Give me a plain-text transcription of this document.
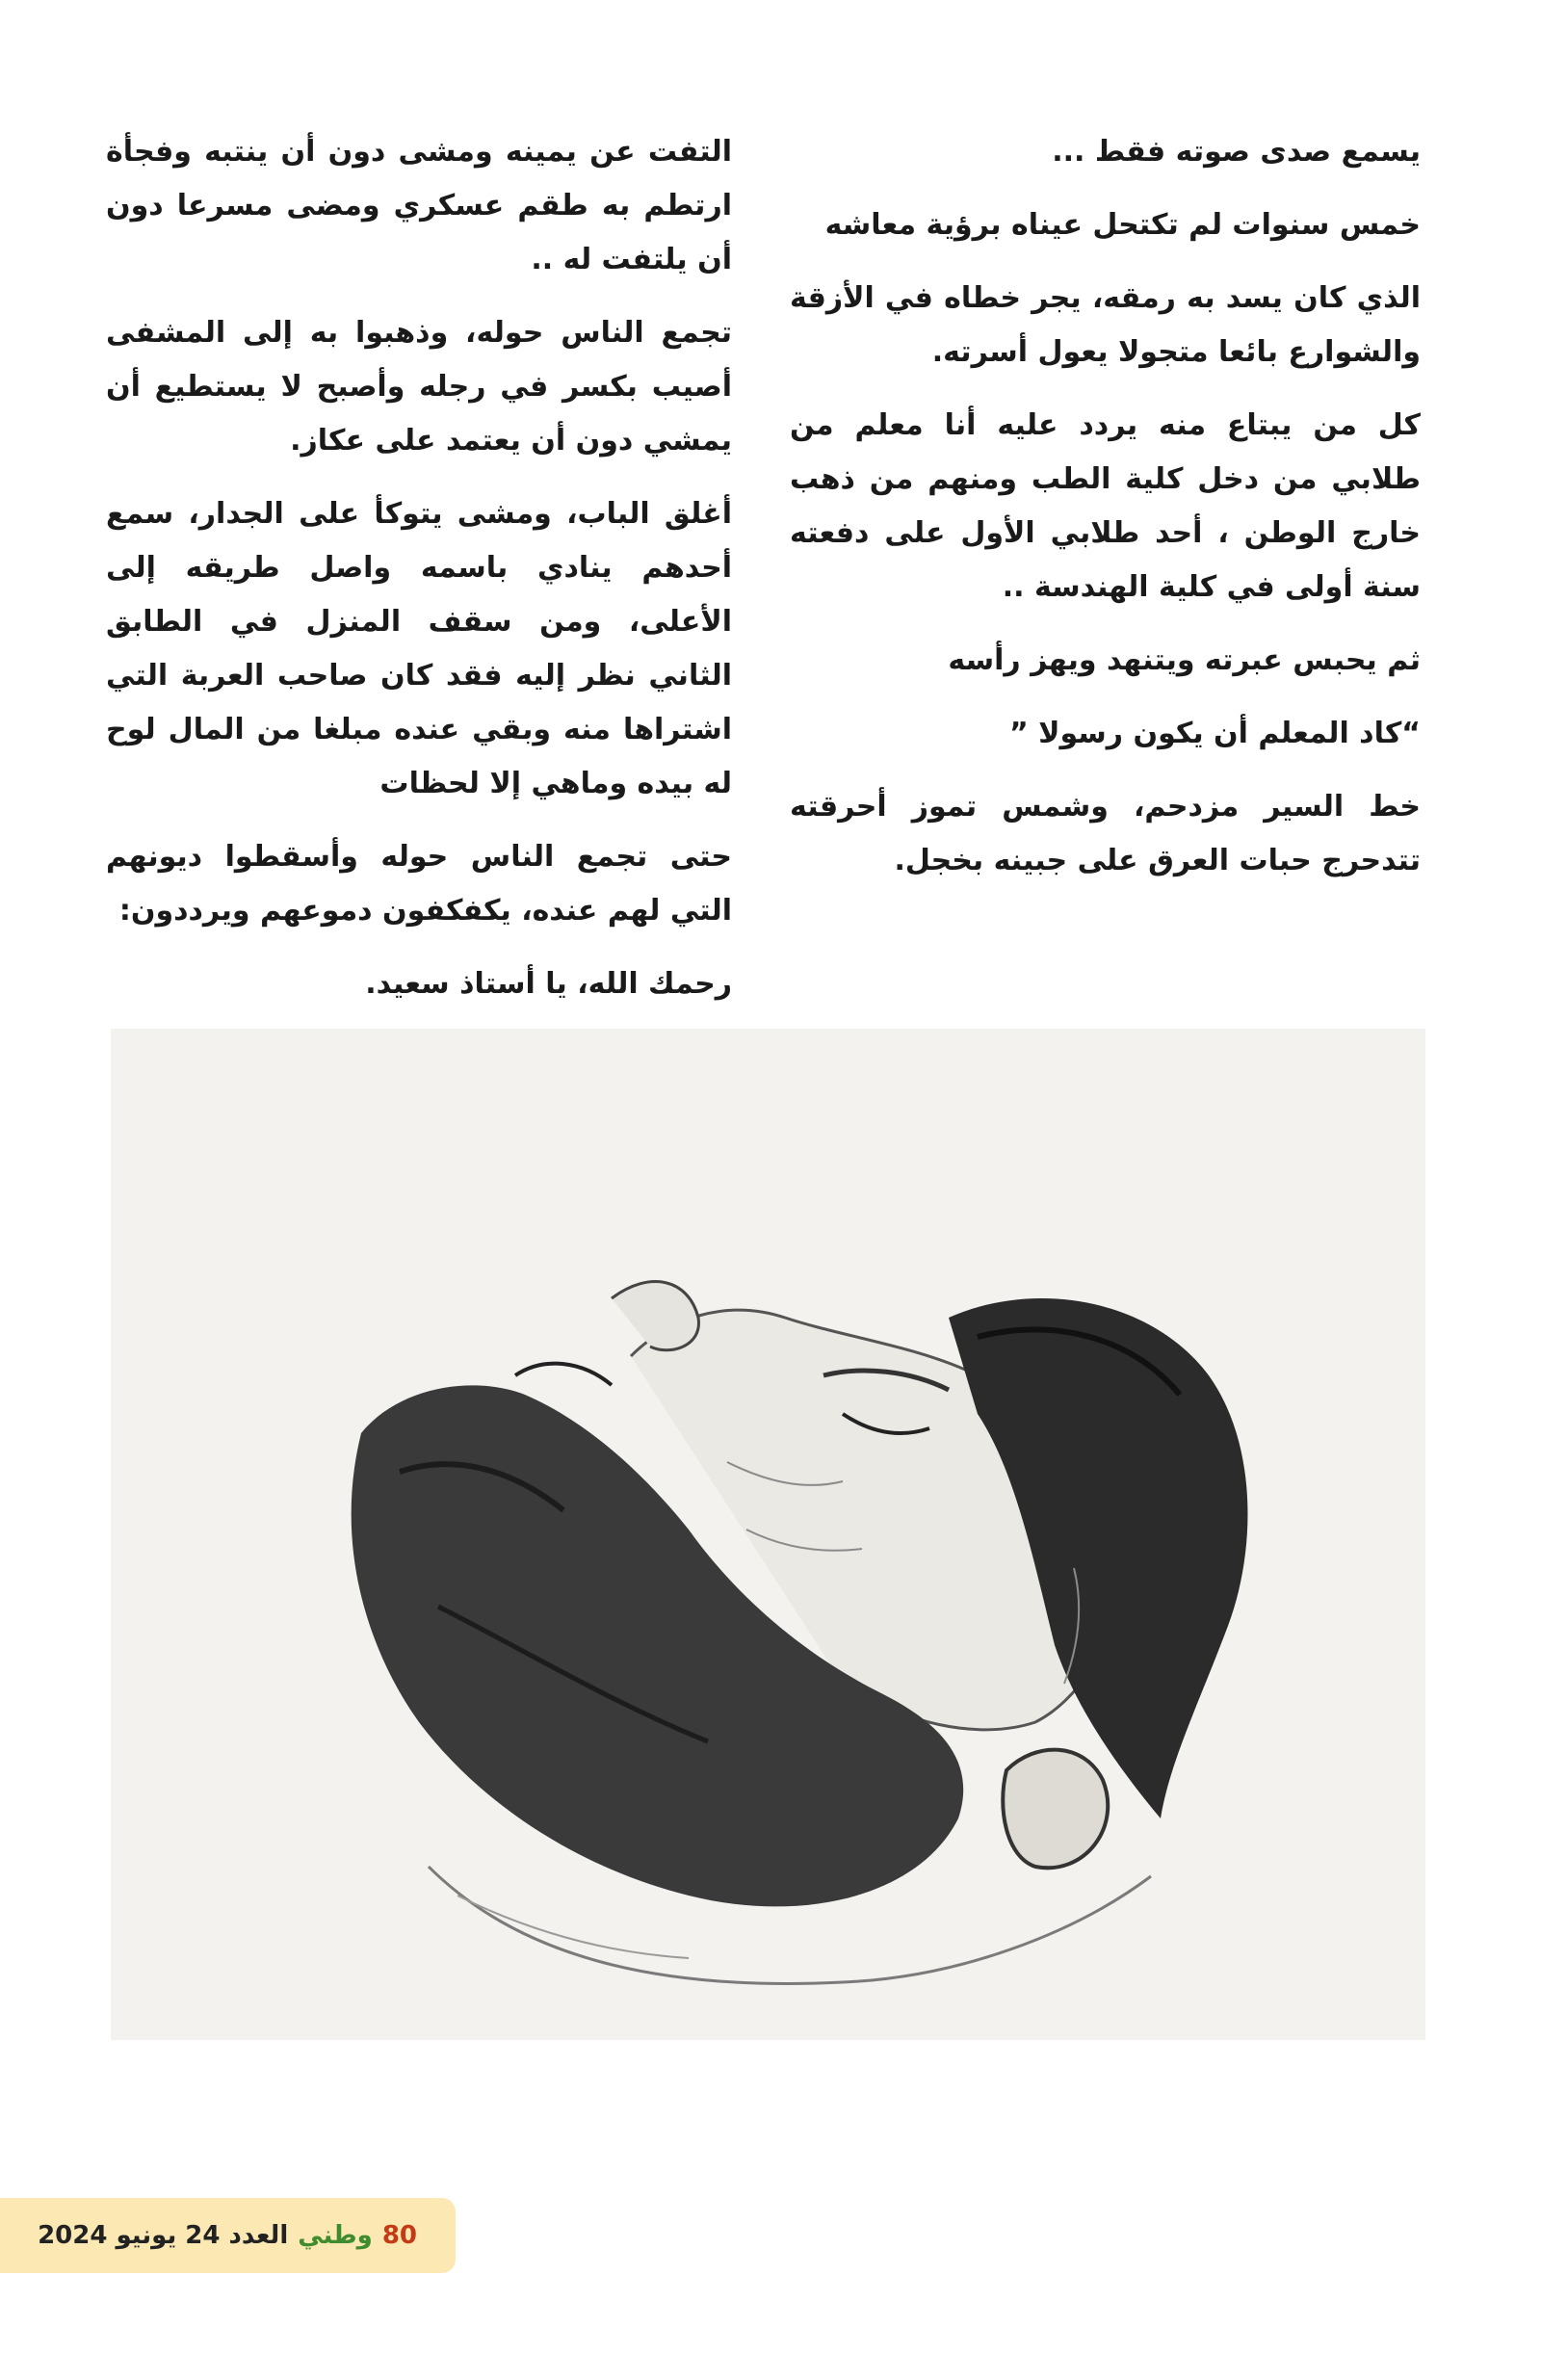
يسمع صدى صوته فقط ...

خمس سنوات لم تكتحل عيناه برؤية معاشه

الذي كان يسد به رمقه، يجر خطاه في الأزقة والشوارع بائعا متجولا يعول أسرته.

كل من يبتاع منه يردد عليه أنا معلم من طلابي من دخل كلية الطب ومنهم من ذهب خارج الوطن ، أحد طلابي الأول على دفعته سنة أولى في كلية الهندسة ..

ثم يحبس عبرته ويتنهد ويهز رأسه

“كاد المعلم أن يكون رسولا ”

خط السير مزدحم، وشمس تموز أحرقته تتدحرج حبات العرق على جبينه بخجل.

التفت عن يمينه ومشى دون أن ينتبه وفجأة ارتطم به طقم عسكري ومضى مسرعا دون أن يلتفت له ..

تجمع الناس حوله، وذهبوا به إلى المشفى أصيب بكسر في رجله وأصبح لا يستطيع أن يمشي دون أن يعتمد على عكاز.

أغلق الباب، ومشى يتوكأ على الجدار، سمع أحدهم ينادي باسمه واصل طريقه إلى الأعلى، ومن سقف المنزل في الطابق الثاني نظر إليه فقد كان صاحب العربة التي اشتراها منه وبقي عنده مبلغا من المال لوح له بيده وماهي إلا لحظات

حتى تجمع الناس حوله وأسقطوا ديونهم التي لهم عنده، يكفكفون دموعهم ويرددون:

رحمك الله، يا أستاذ سعيد.

80
وطني
العدد 24 يونيو 2024
